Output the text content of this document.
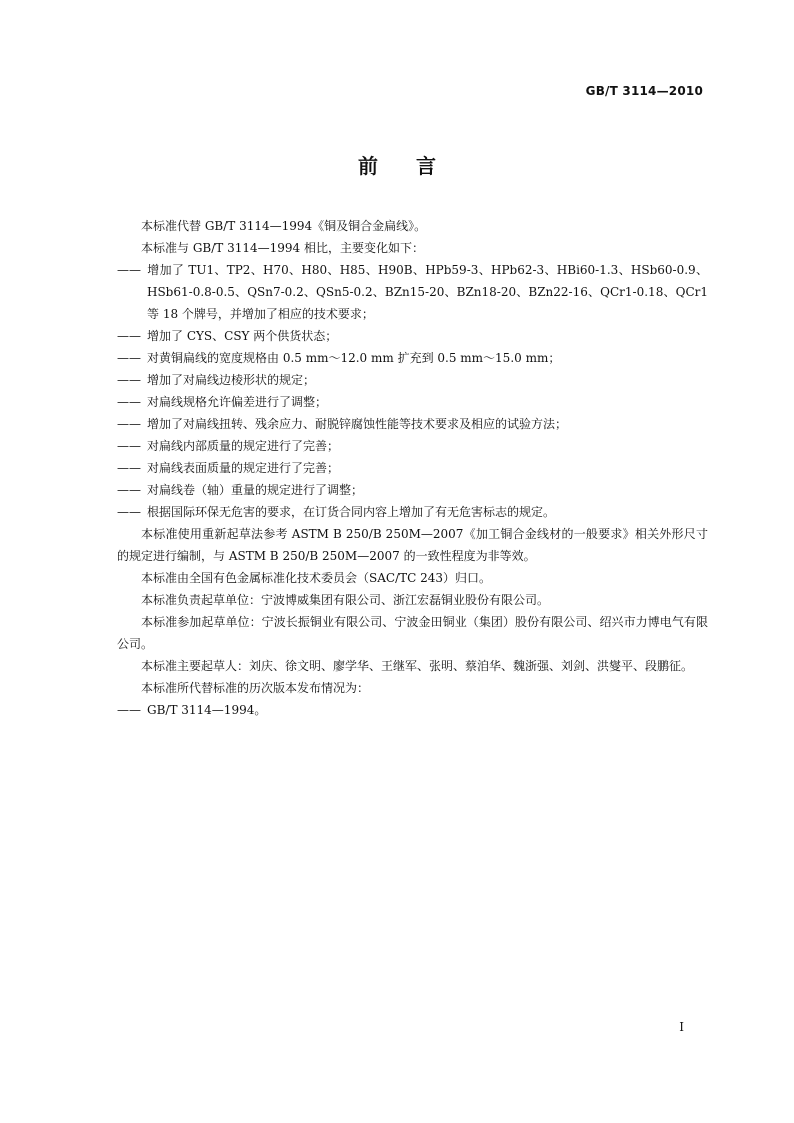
GB/T 3114—2010
前言

本标准代替 GB/T 3114—1994《铜及铜合金扁线》。

本标准与 GB/T 3114—1994 相比，主要变化如下：

—— 增加了 TU1、TP2、H70、H80、H85、H90B、HPb59-3、HPb62-3、HBi60-1.3、HSb60-0.9、HSb61-0.8-0.5、QSn7-0.2、QSn5-0.2、BZn15-20、BZn18-20、BZn22-16、QCr1-0.18、QCr1 等 18 个牌号，并增加了相应的技术要求；

—— 增加了 CYS、CSY 两个供货状态；

—— 对黄铜扁线的宽度规格由 0.5 mm～12.0 mm 扩充到 0.5 mm～15.0 mm；

—— 增加了对扁线边棱形状的规定；

—— 对扁线规格允许偏差进行了调整；

—— 增加了对扁线扭转、残余应力、耐脱锌腐蚀性能等技术要求及相应的试验方法；

—— 对扁线内部质量的规定进行了完善；

—— 对扁线表面质量的规定进行了完善；

—— 对扁线卷（轴）重量的规定进行了调整；

—— 根据国际环保无危害的要求，在订货合同内容上增加了有无危害标志的规定。

本标准使用重新起草法参考 ASTM B 250/B 250M—2007《加工铜合金线材的一般要求》相关外形尺寸的规定进行编制，与 ASTM B 250/B 250M—2007 的一致性程度为非等效。

本标准由全国有色金属标准化技术委员会（SAC/TC 243）归口。

本标准负责起草单位：宁波博威集团有限公司、浙江宏磊铜业股份有限公司。

本标准参加起草单位：宁波长振铜业有限公司、宁波金田铜业（集团）股份有限公司、绍兴市力博电气有限公司。

本标准主要起草人：刘庆、徐文明、廖学华、王继军、张明、蔡洎华、魏浙强、刘剑、洪燮平、段鹏征。

本标准所代替标准的历次版本发布情况为：

—— GB/T 3114—1994。

I
